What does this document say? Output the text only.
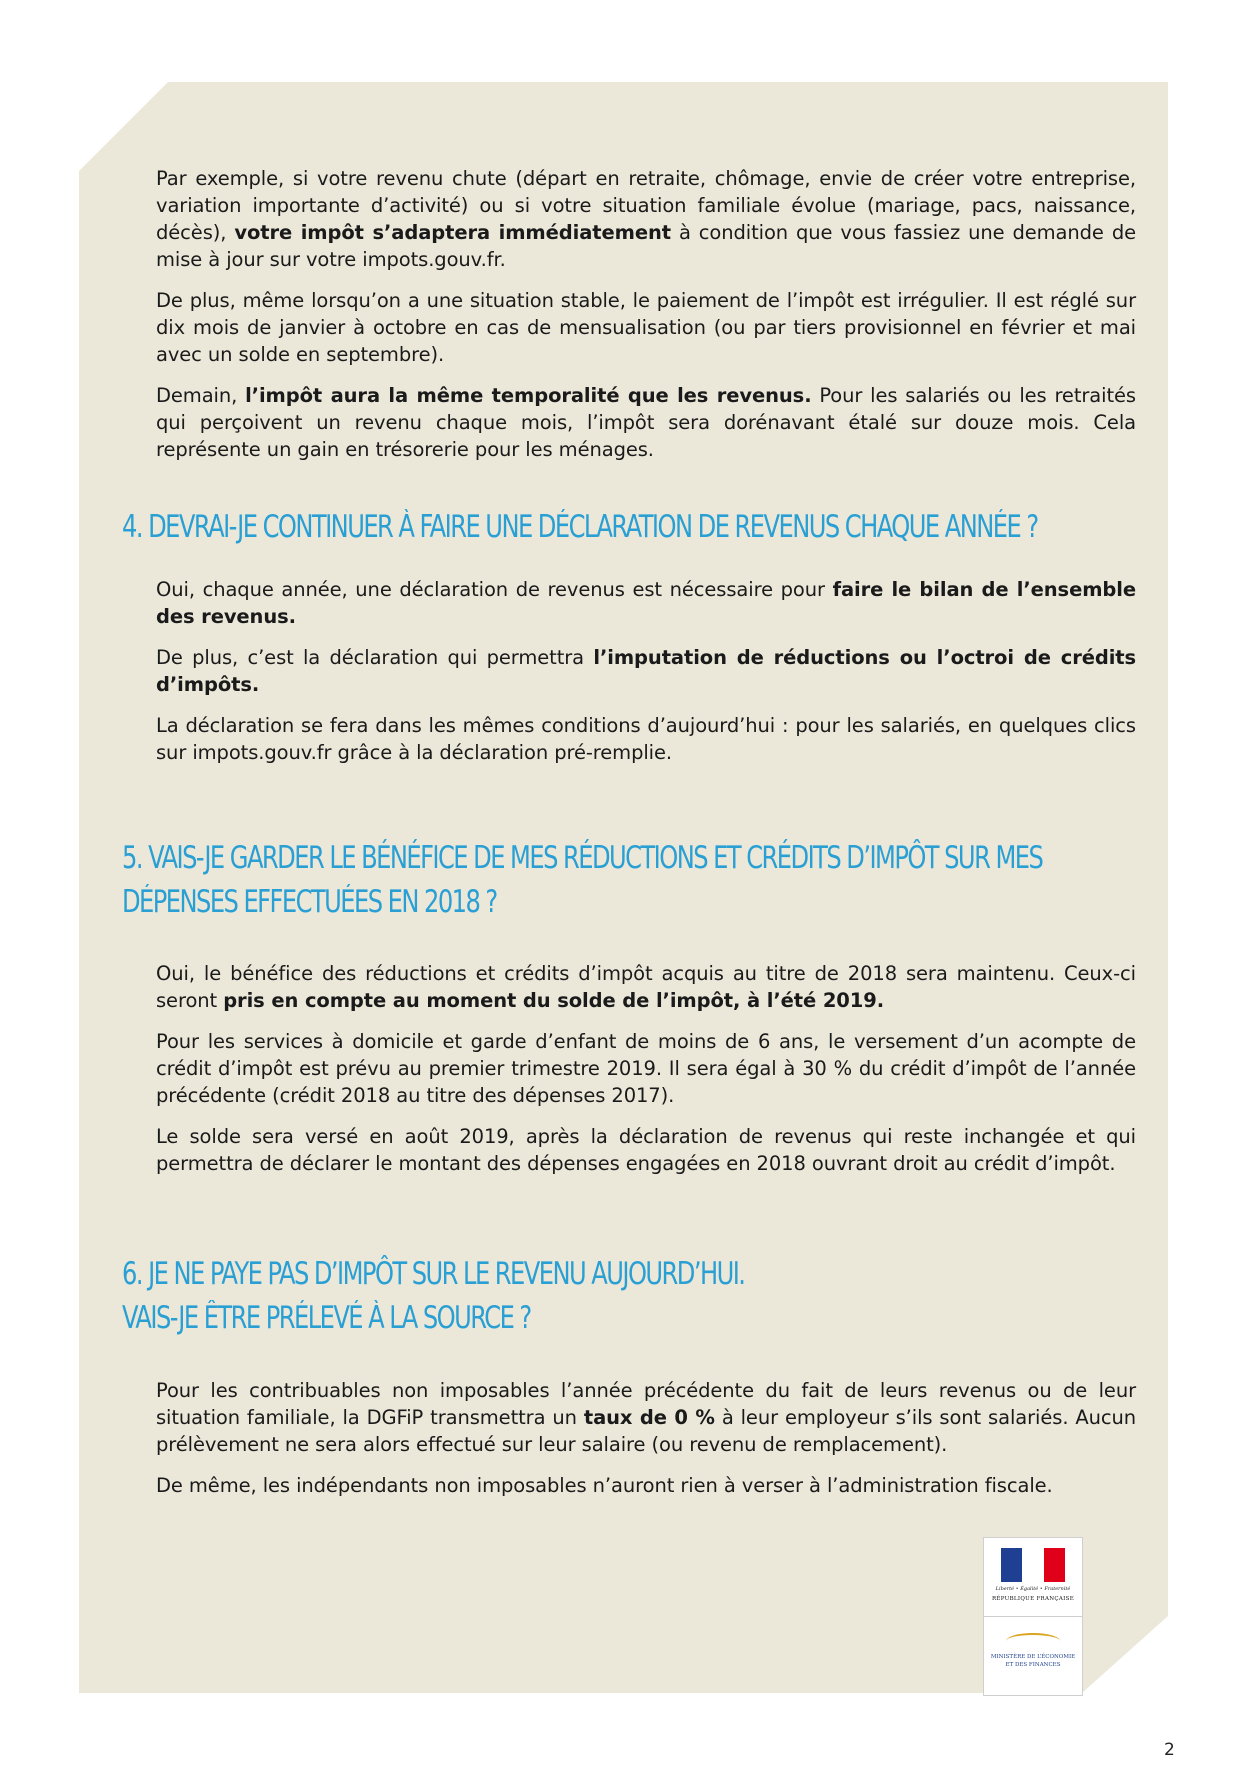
Par exemple, si votre revenu chute (départ en retraite, chômage, envie de créer votre entreprise, variation importante d’activité) ou si votre situation familiale évolue (mariage, pacs, naissance, décès), votre impôt s’adaptera immédiatement à condition que vous fassiez une demande de mise à jour sur votre impots.gouv.fr.

De plus, même lorsqu’on a une situation stable, le paiement de l’impôt est irrégulier. Il est réglé sur dix mois de janvier à octobre en cas de mensualisation (ou par tiers provisionnel en février et mai avec un solde en septembre).

Demain, l’impôt aura la même temporalité que les revenus. Pour les salariés ou les retraités qui perçoivent un revenu chaque mois, l’impôt sera dorénavant étalé sur douze mois. Cela représente un gain en trésorerie pour les ménages.

4. DEVRAI-JE CONTINUER À FAIRE UNE DÉCLARATION DE REVENUS CHAQUE ANNÉE ?

Oui, chaque année, une déclaration de revenus est nécessaire pour faire le bilan de l’ensemble des revenus.

De plus, c’est la déclaration qui permettra l’imputation de réductions ou l’octroi de crédits d’impôts.

La déclaration se fera dans les mêmes conditions d’aujourd’hui : pour les salariés, en quelques clics sur impots.gouv.fr grâce à la déclaration pré-remplie.

5. VAIS-JE GARDER LE BÉNÉFICE DE MES RÉDUCTIONS ET CRÉDITS D’IMPÔT SUR MES
DÉPENSES EFFECTUÉES EN 2018 ?

Oui, le bénéfice des réductions et crédits d’impôt acquis au titre de 2018 sera maintenu. Ceux-ci seront pris en compte au moment du solde de l’impôt, à l’été 2019.

Pour les services à domicile et garde d’enfant de moins de 6 ans, le versement d’un acompte de crédit d’impôt est prévu au premier trimestre 2019. Il sera égal à 30 % du crédit d’impôt de l’année précédente (crédit 2018 au titre des dépenses 2017).

Le solde sera versé en août 2019, après la déclaration de revenus qui reste inchangée et qui permettra de déclarer le montant des dépenses engagées en 2018 ouvrant droit au crédit d’impôt.

6. JE NE PAYE PAS D’IMPÔT SUR LE REVENU AUJOURD’HUI.
VAIS-JE ÊTRE PRÉLEVÉ À LA SOURCE ?

Pour les contribuables non imposables l’année précédente du fait de leurs revenus ou de leur situation familiale, la DGFiP transmettra un taux de 0 % à leur employeur s’ils sont salariés. Aucun prélèvement ne sera alors effectué sur leur salaire (ou revenu de remplacement).

De même, les indépendants non imposables n’auront rien à verser à l’administration fiscale.

Liberté • Égalité • Fraternité
RÉPUBLIQUE FRANÇAISE
MINISTÈRE DE L’ÉCONOMIE ET DES FINANCES
2
